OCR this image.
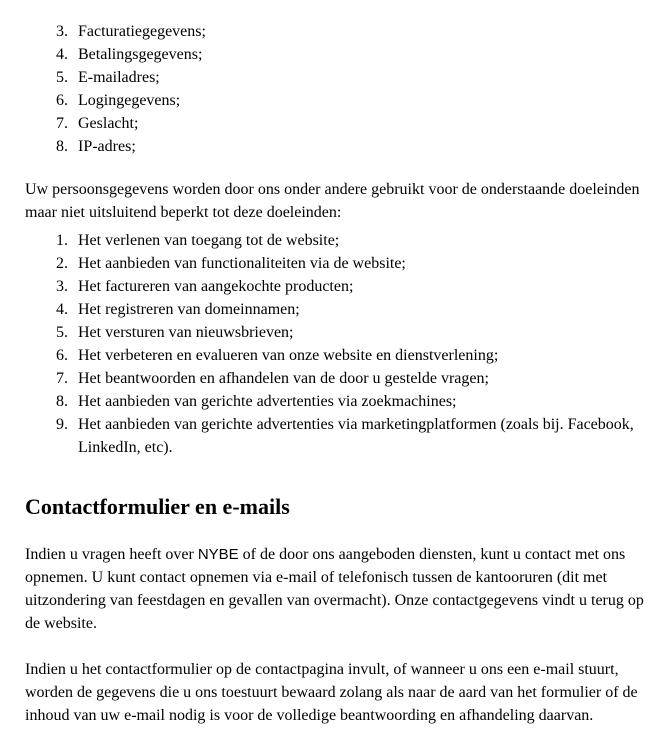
3. Facturatiegegevens;
4. Betalingsgegevens;
5. E-mailadres;
6. Logingegevens;
7. Geslacht;
8. IP-adres;

Uw persoonsgegevens worden door ons onder andere gebruikt voor de onderstaande doeleinden maar niet uitsluitend beperkt tot deze doeleinden:

1. Het verlenen van toegang tot de website;
2. Het aanbieden van functionaliteiten via de website;
3. Het factureren van aangekochte producten;
4. Het registreren van domeinnamen;
5. Het versturen van nieuwsbrieven;
6. Het verbeteren en evalueren van onze website en dienstverlening;
7. Het beantwoorden en afhandelen van de door u gestelde vragen;
8. Het aanbieden van gerichte advertenties via zoekmachines;
9. Het aanbieden van gerichte advertenties via marketingplatformen (zoals bij. Facebook, LinkedIn, etc).
Contactformulier en e-mails

Indien u vragen heeft over NYBE of de door ons aangeboden diensten, kunt u contact met ons opnemen. U kunt contact opnemen via e-mail of telefonisch tussen de kantooruren (dit met uitzondering van feestdagen en gevallen van overmacht). Onze contactgegevens vindt u terug op de website.

Indien u het contactformulier op de contactpagina invult, of wanneer u ons een e-mail stuurt, worden de gegevens die u ons toestuurt bewaard zolang als naar de aard van het formulier of de inhoud van uw e-mail nodig is voor de volledige beantwoording en afhandeling daarvan.
